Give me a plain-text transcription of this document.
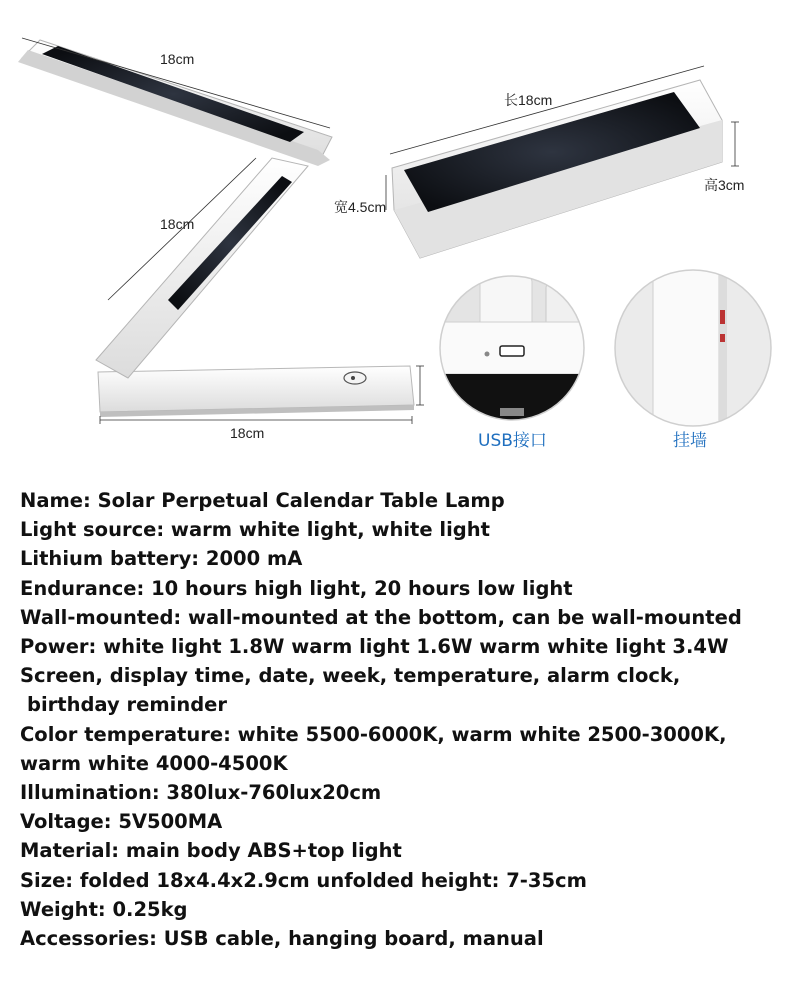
18cm
18cm
18cm
长18cm
宽4.5cm
高3cm
USB接口	挂墙
Name: Solar Perpetual Calendar Table Lamp
Light source: warm white light, white light
Lithium battery: 2000 mA
Endurance: 10 hours high light, 20 hours low light
Wall-mounted: wall-mounted at the bottom, can be wall-mounted
Power: white light 1.8W warm light 1.6W warm white light 3.4W
Screen, display time, date, week, temperature, alarm clock,
birthday reminder
Color temperature: white 5500-6000K, warm white 2500-3000K,
warm white 4000-4500K
Illumination: 380lux-760lux20cm
Voltage: 5V500MA
Material: main body ABS+top light
Size: folded 18x4.4x2.9cm unfolded height: 7-35cm
Weight: 0.25kg
Accessories: USB cable, hanging board, manual
